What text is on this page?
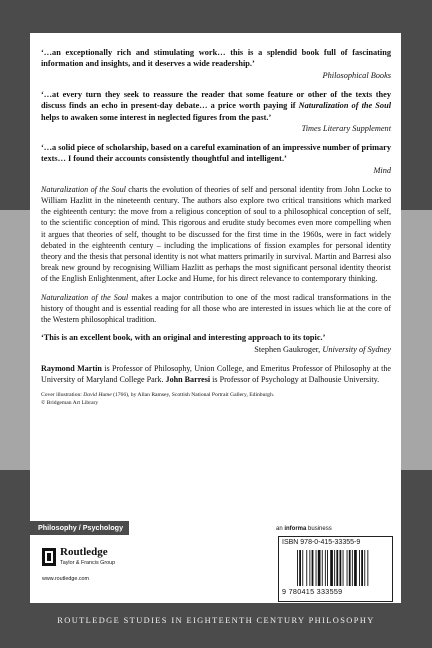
‘…an exceptionally rich and stimulating work… this is a splendid book full of fascinating information and insights, and it deserves a wide readership.’

Philosophical Books

‘…at every turn they seek to reassure the reader that some feature or other of the texts they discuss finds an echo in present-day debate… a price worth paying if Naturalization of the Soul helps to awaken some interest in neglected figures from the past.’

Times Literary Supplement

‘…a solid piece of scholarship, based on a careful examination of an impressive number of primary texts… I found their accounts consistently thoughtful and intelligent.’

Mind

Naturalization of the Soul charts the evolution of theories of self and personal identity from John Locke to William Hazlitt in the nineteenth century. The authors also explore two critical transitions which marked the eighteenth century: the move from a religious conception of soul to a philosophical conception of self, to the scientific conception of mind. This rigorous and erudite study becomes even more compelling when it argues that theories of self, thought to be discussed for the first time in the 1960s, were in fact widely debated in the eighteenth century – including the implications of fission examples for personal identity theory and the thesis that personal identity is not what matters primarily in survival. Martin and Barresi also break new ground by recognising William Hazlitt as perhaps the most significant personal identity theorist of the English Enlightenment, after Locke and Hume, for his direct relevance to contemporary thinking.

Naturalization of the Soul makes a major contribution to one of the most radical transformations in the history of thought and is essential reading for all those who are interested in issues which lie at the core of the Western philosophical tradition.

‘This is an excellent book, with an original and interesting approach to its topic.’

Stephen Gaukroger, University of Sydney

Raymond Martin is Professor of Philosophy, Union College, and Emeritus Professor of Philosophy at the University of Maryland College Park. John Barresi is Professor of Psychology at Dalhousie University.

Cover illustration: David Hume (1766), by Allan Ramsey, Scottish National Portrait Gallery, Edinburgh.

© Bridgeman Art Library

Philosophy / Psychology
Routledge
Taylor & Francis Group
www.routledge.com
an informa business
ISBN 978-0-415-33355-9
9 780415 333559
ROUTLEDGE STUDIES IN EIGHTEENTH CENTURY PHILOSOPHY
